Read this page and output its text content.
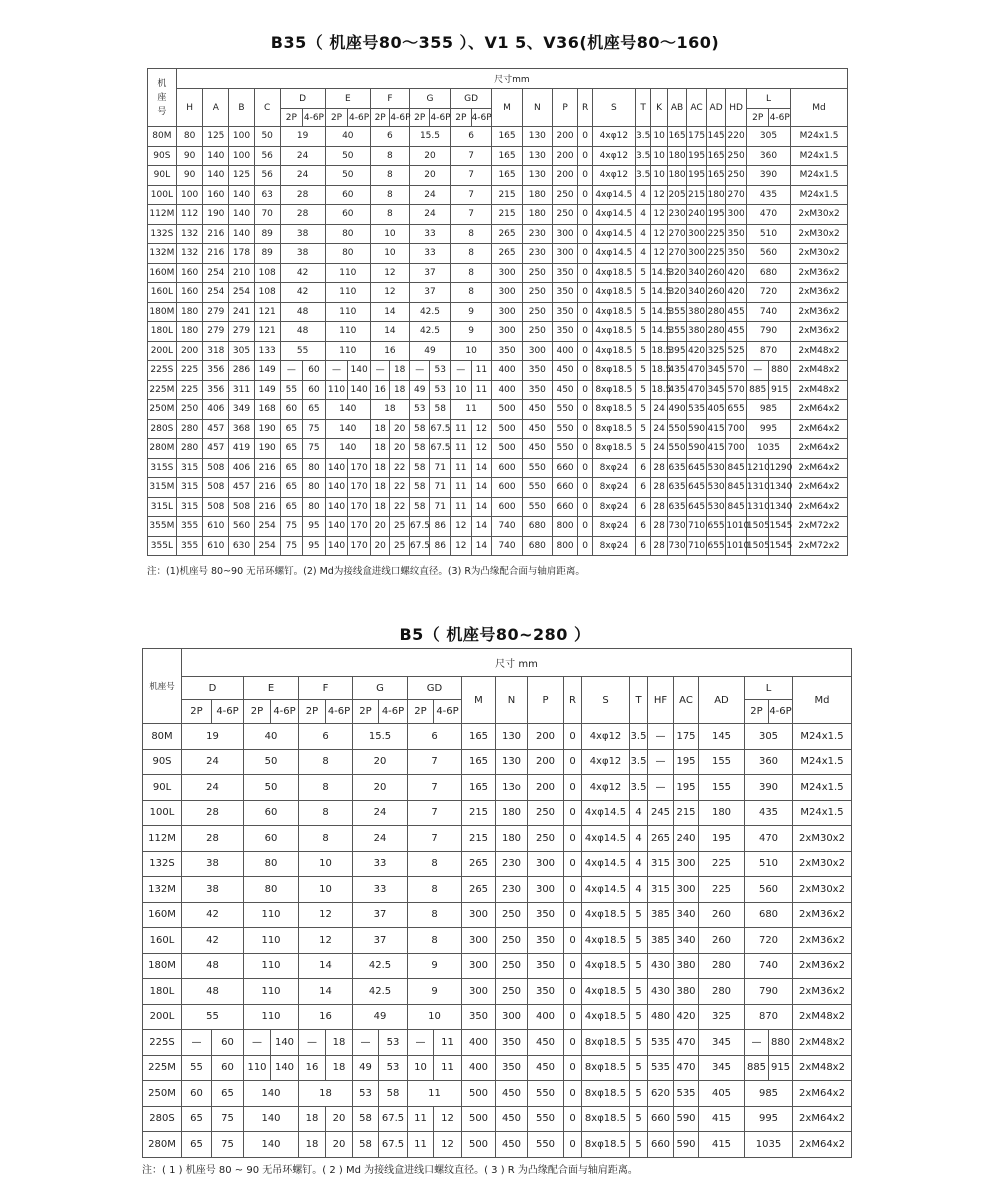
B35（ 机座号80～355 ）、V1 5、V36(机座号80～160)
机
座
号	尺寸mm																											
	H	A	B	C	D		E		F		G		GD		M	N	P	R	S	T	K	AB	AC	AD	HD	L		Md
					2P	4-6P	2P	4-6P	2P	4-6P	2P	4-6P	2P	4-6P												2P	4-6P	
80M	80	125	100	50	19		40		6		15.5		6		165	130	200	0	4xφ12	3.5	10	165	175	145	220	305		M24x1.5
90S	90	140	100	56	24		50		8		20		7		165	130	200	0	4xφ12	3.5	10	180	195	165	250	360		M24x1.5
90L	90	140	125	56	24		50		8		20		7		165	130	200	0	4xφ12	3.5	10	180	195	165	250	390		M24x1.5
100L	100	160	140	63	28		60		8		24		7		215	180	250	0	4xφ14.5	4	12	205	215	180	270	435		M24x1.5
112M	112	190	140	70	28		60		8		24		7		215	180	250	0	4xφ14.5	4	12	230	240	195	300	470		2xM30x2
132S	132	216	140	89	38		80		10		33		8		265	230	300	0	4xφ14.5	4	12	270	300	225	350	510		2xM30x2
132M	132	216	178	89	38		80		10		33		8		265	230	300	0	4xφ14.5	4	12	270	300	225	350	560		2xM30x2
160M	160	254	210	108	42		110		12		37		8		300	250	350	0	4xφ18.5	5	14.5	320	340	260	420	680		2xM36x2
160L	160	254	254	108	42		110		12		37		8		300	250	350	0	4xφ18.5	5	14.5	320	340	260	420	720		2xM36x2
180M	180	279	241	121	48		110		14		42.5		9		300	250	350	0	4xφ18.5	5	14.5	355	380	280	455	740		2xM36x2
180L	180	279	279	121	48		110		14		42.5		9		300	250	350	0	4xφ18.5	5	14.5	355	380	280	455	790		2xM36x2
200L	200	318	305	133	55		110		16		49		10		350	300	400	0	4xφ18.5	5	18.5	395	420	325	525	870		2xM48x2
225S	225	356	286	149	—	60	—	140	—	18	—	53	—	11	400	350	450	0	8xφ18.5	5	18.5	435	470	345	570	—	880	2xM48x2
225M	225	356	311	149	55	60	110	140	16	18	49	53	10	11	400	350	450	0	8xφ18.5	5	18.5	435	470	345	570	885	915	2xM48x2
250M	250	406	349	168	60	65	140		18		53	58	11		500	450	550	0	8xφ18.5	5	24	490	535	405	655	985		2xM64x2
280S	280	457	368	190	65	75	140		18	20	58	67.5	11	12	500	450	550	0	8xφ18.5	5	24	550	590	415	700	995		2xM64x2
280M	280	457	419	190	65	75	140		18	20	58	67.5	11	12	500	450	550	0	8xφ18.5	5	24	550	590	415	700	1035		2xM64x2
315S	315	508	406	216	65	80	140	170	18	22	58	71	11	14	600	550	660	0	8xφ24	6	28	635	645	530	845	1210	1290	2xM64x2
315M	315	508	457	216	65	80	140	170	18	22	58	71	11	14	600	550	660	0	8xφ24	6	28	635	645	530	845	1310	1340	2xM64x2
315L	315	508	508	216	65	80	140	170	18	22	58	71	11	14	600	550	660	0	8xφ24	6	28	635	645	530	845	1310	1340	2xM64x2
355M	355	610	560	254	75	95	140	170	20	25	67.5	86	12	14	740	680	800	0	8xφ24	6	28	730	710	655	1010	1505	1545	2xM72x2
355L	355	610	630	254	75	95	140	170	20	25	67.5	86	12	14	740	680	800	0	8xφ24	6	28	730	710	655	1010	1505	1545	2xM72x2
注：(1)机座号 80~90 无吊环螺钉。(2) Md为接线盒进线口螺纹直径。(3) R为凸缘配合面与轴肩距离。
B5（ 机座号80~280 ）
机座号	尺寸 mm																					
	D		E		F		G		GD		M	N	P	R	S	T	HF	AC	AD	L		Md
	2P	4-6P	2P	4-6P	2P	4-6P	2P	4-6P	2P	4-6P										2P	4-6P	
80M	19		40		6		15.5		6		165	130	200	0	4xφ12	3.5	—	175	145	305		M24x1.5
90S	24		50		8		20		7		165	130	200	0	4xφ12	3.5	—	195	155	360		M24x1.5
90L	24		50		8		20		7		165	13o	200	0	4xφ12	3.5	—	195	155	390		M24x1.5
100L	28		60		8		24		7		215	180	250	0	4xφ14.5	4	245	215	180	435		M24x1.5
112M	28		60		8		24		7		215	180	250	0	4xφ14.5	4	265	240	195	470		2xM30x2
132S	38		80		10		33		8		265	230	300	0	4xφ14.5	4	315	300	225	510		2xM30x2
132M	38		80		10		33		8		265	230	300	0	4xφ14.5	4	315	300	225	560		2xM30x2
160M	42		110		12		37		8		300	250	350	0	4xφ18.5	5	385	340	260	680		2xM36x2
160L	42		110		12		37		8		300	250	350	0	4xφ18.5	5	385	340	260	720		2xM36x2
180M	48		110		14		42.5		9		300	250	350	0	4xφ18.5	5	430	380	280	740		2xM36x2
180L	48		110		14		42.5		9		300	250	350	0	4xφ18.5	5	430	380	280	790		2xM36x2
200L	55		110		16		49		10		350	300	400	0	4xφ18.5	5	480	420	325	870		2xM48x2
225S	—	60	—	140	—	18	—	53	—	11	400	350	450	0	8xφ18.5	5	535	470	345	—	880	2xM48x2
225M	55	60	110	140	16	18	49	53	10	11	400	350	450	0	8xφ18.5	5	535	470	345	885	915	2xM48x2
250M	60	65	140		18		53	58	11		500	450	550	0	8xφ18.5	5	620	535	405	985		2xM64x2
280S	65	75	140		18	20	58	67.5	11	12	500	450	550	0	8xφ18.5	5	660	590	415	995		2xM64x2
280M	65	75	140		18	20	58	67.5	11	12	500	450	550	0	8xφ18.5	5	660	590	415	1035		2xM64x2
注：( 1 ) 机座号 80 ~ 90 无吊环螺钉。( 2 ) Md 为接线盒进线口螺纹直径。( 3 ) R 为凸缘配合面与轴肩距离。
